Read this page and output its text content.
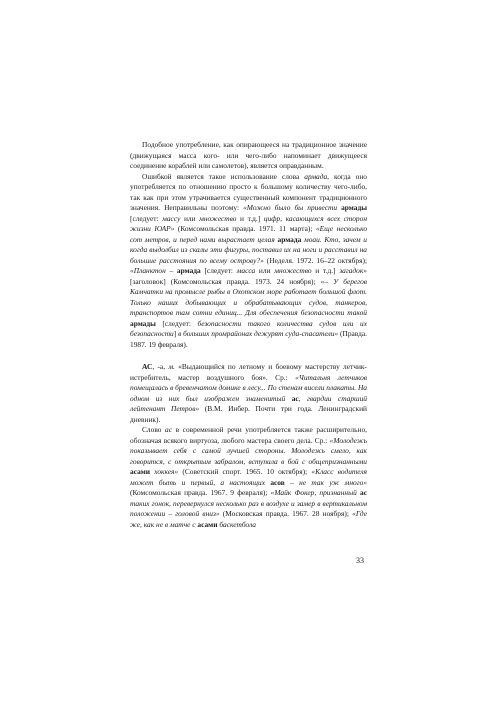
Подобное употребление, как опирающееся на традиционное значение (движущаяся масса кого- или чего-либо напоминает движущееся соединение кораблей или самолетов), является оправданным.

Ошибкой является такое использование слова армада, когда оно употребляется по отношению просто к большому количеству чего-либо, так как при этом утрачивается существенный компонент традиционного значения. Неправильны поэтому: «Можно было бы привести армады [следует: массу или множество и т.д.] цифр, касающихся всех сторон жизни ЮАР» (Комсомольская правда. 1971. 11 марта); «Еще несколько сот метров, и перед нами вырастает целая армада моаи. Кто, зачем и когда выдолбил из скалы эти фигуры, поставил их на ноги и расставил на большие расстояния по всему острову?» (Неделя. 1972. 16–22 октября); «Планктон – армада [следует: масса или множество и т.д.] загадок» [заголовок] (Комсомольская правда. 1973. 24 ноября); «– У берегов Камчатки на промысле рыбы в Охотском море работает большой флот. Только наших добывающих и обрабатывающих судов, танкеров, транспортов там сотни единиц... Для обеспечения безопасности такой армады [следует: безопасности такого количества судов или их безопасности] в больших промрайонах дежурят суда-спасатели» (Правда. 1987. 19 февраля).

АС, -а, м. «Выдающийся по летному и боевому мастерству летчик-истребитель, мастер воздушного боя». Ср.: «Читальня летчиков помещалась в бревенчатом домике в лесу... По стенам висели плакаты. На одном из них был изображен знаменитый ас, гвардии старший лейтенант Петров» (В.М. Инбер. Почти три года. Ленинградский дневник).

Слово ас в современной речи употребляется также расширительно, обозначая всякого виртуоза, любого мастера своего дела. Ср.: «Молодежь показывает себя с самой лучшей стороны. Молодежь смело, как говорится, с открытым забралом, вступила в бой с общепризнанными асами хоккея» (Советский спорт. 1965. 10 октября); «Класс водителя может быть и первый, а настоящих асов – не так уж много» (Комсомольская правда. 1967. 9 февраля); «Майк Фокер, признанный ас таких гонок, перевернулся несколько раз в воздухе и замер в вертикальном положении – головой вниз» (Московская правда. 1967. 28 ноября); «Где же, как не в матче с асами баскетбола

33
